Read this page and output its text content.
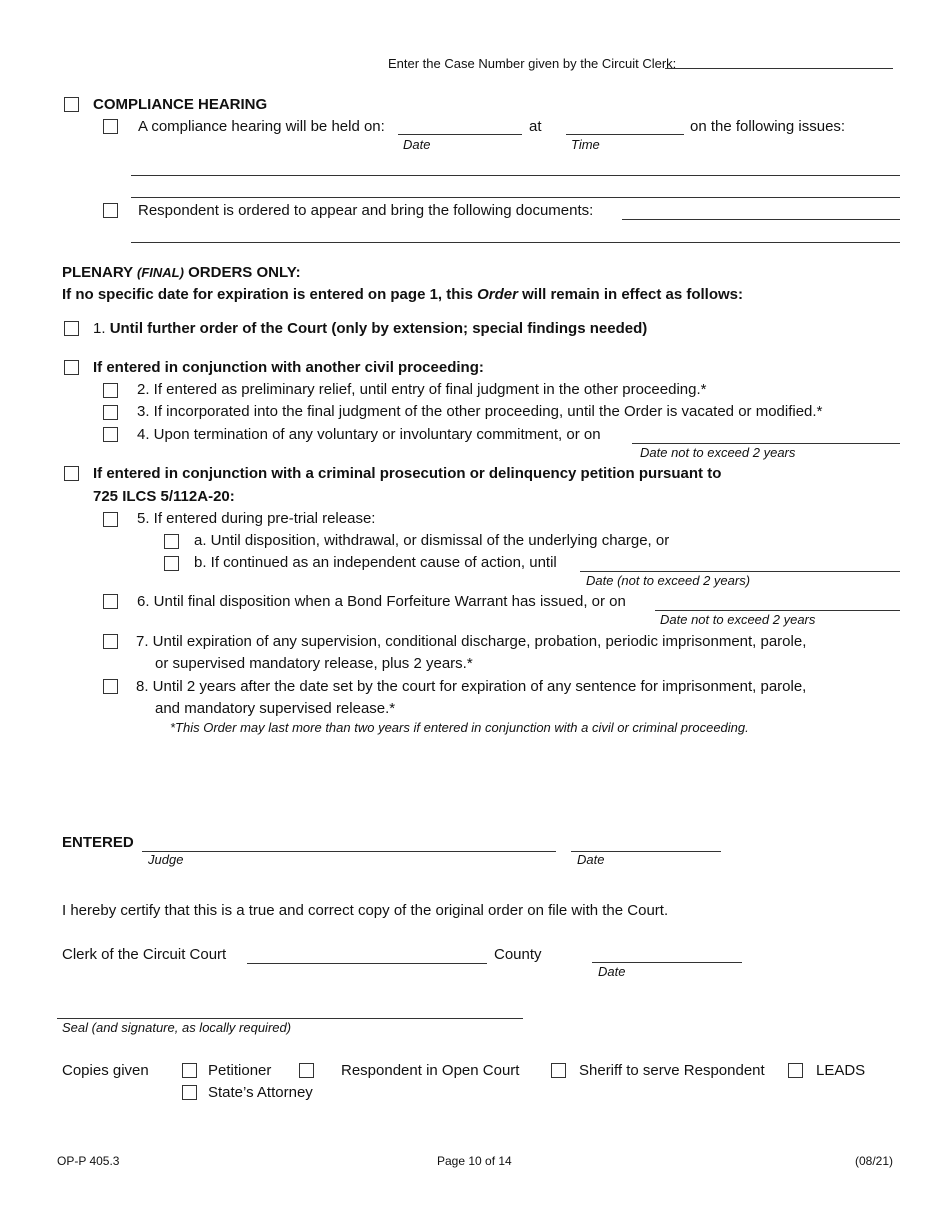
Enter the Case Number given by the Circuit Clerk:
COMPLIANCE HEARING
A compliance hearing will be held on:	at	on the following issues:
Date	Time
Respondent is ordered to appear and bring the following documents:
PLENARY (FINAL) ORDERS ONLY:
If no specific date for expiration is entered on page 1, this Order will remain in effect as follows:
1. Until further order of the Court (only by extension; special findings needed)
If entered in conjunction with another civil proceeding:
2. If entered as preliminary relief, until entry of final judgment in the other proceeding.*
3. If incorporated into the final judgment of the other proceeding, until the Order is vacated or modified.*
4. Upon termination of any voluntary or involuntary commitment, or on
Date not to exceed 2 years
If entered in conjunction with a criminal prosecution or delinquency petition pursuant to
725 ILCS 5/112A-20:
5. If entered during pre-trial release:
a. Until disposition, withdrawal, or dismissal of the underlying charge, or
b. If continued as an independent cause of action, until
Date (not to exceed 2 years)
6. Until final disposition when a Bond Forfeiture Warrant has issued, or on
Date not to exceed 2 years
7. Until expiration of any supervision, conditional discharge, probation, periodic imprisonment, parole,
or supervised mandatory release, plus 2 years.*
8. Until 2 years after the date set by the court for expiration of any sentence for imprisonment, parole,
and mandatory supervised release.*
*This Order may last more than two years if entered in conjunction with a civil or criminal proceeding.
ENTERED
Judge	Date
I hereby certify that this is a true and correct copy of the original order on file with the Court.
Clerk of the Circuit Court	County
Date
Seal (and signature, as locally required)
Copies given	Petitioner	Respondent in Open Court	Sheriff to serve Respondent	LEADS
State’s Attorney
OP-P 405.3	Page 10 of 14	(08/21)
